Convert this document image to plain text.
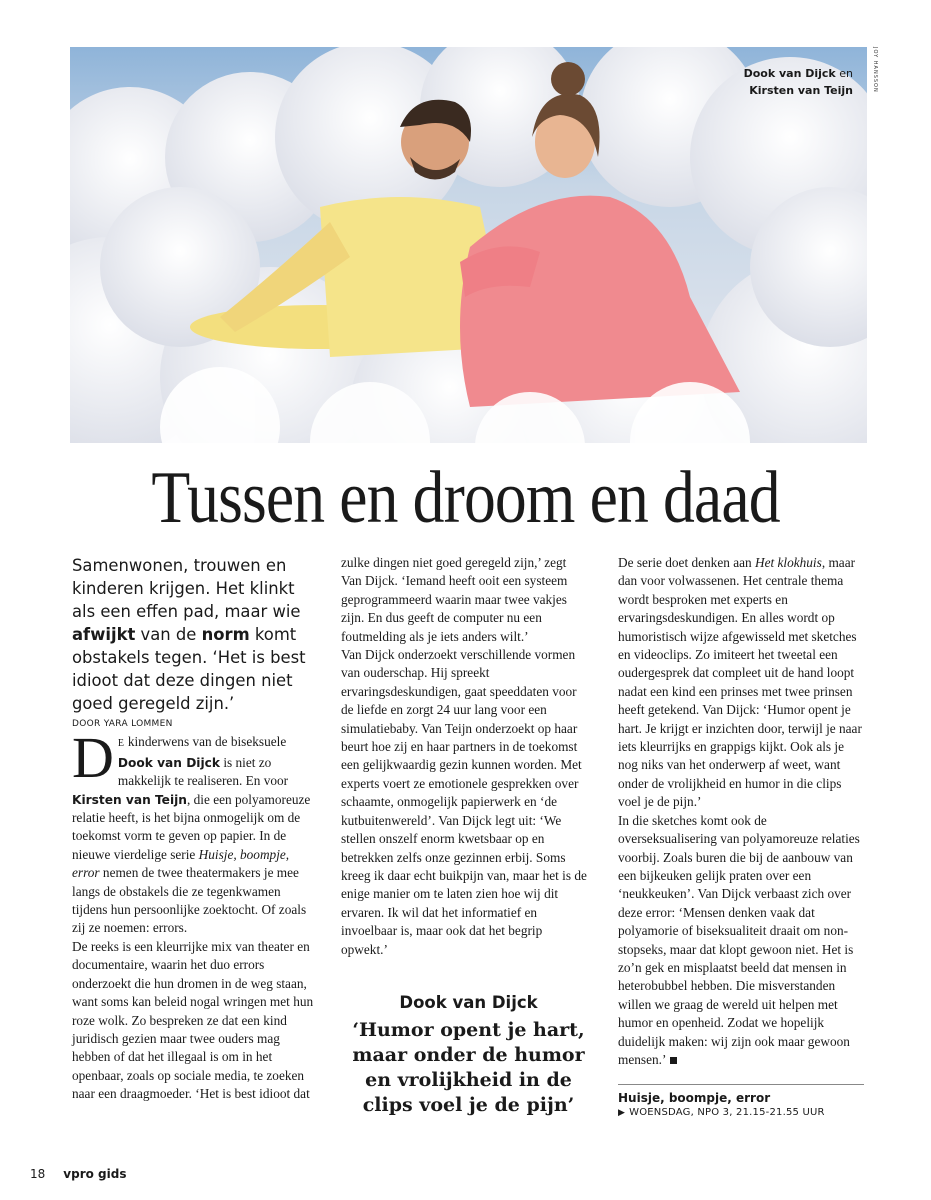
Dook van Dijck en
Kirsten van Teijn	JOY HANSSON
Tussen en droom en daad

Samenwonen, trouwen en kinderen krijgen. Het klinkt als een effen pad, maar wie afwijkt van de norm komt obstakels tegen. ‘Het is best idioot dat deze dingen niet goed geregeld zijn.’

DOOR YARA LOMMEN

DE kinderwens van de biseksuele Dook van Dijck is niet zo makkelijk te realiseren. En voor Kirsten van Teijn, die een polyamoreuze relatie heeft, is het bijna onmogelijk om de toekomst vorm te geven op papier. In de nieuwe vierdelige serie Huisje, boompje, error nemen de twee theatermakers je mee langs de obstakels die ze tegenkwamen tijdens hun persoonlijke zoektocht. Of zoals zij ze noemen: errors.

De reeks is een kleurrijke mix van theater en documentaire, waarin het duo errors onderzoekt die hun dromen in de weg staan, want soms kan beleid nogal wringen met hun roze wolk. Zo bespreken ze dat een kind juridisch gezien maar twee ouders mag hebben of dat het illegaal is om in het openbaar, zoals op sociale media, te zoeken naar een draagmoeder. ‘Het is best idioot dat

zulke dingen niet goed geregeld zijn,’ zegt Van Dijck. ‘Iemand heeft ooit een systeem geprogrammeerd waarin maar twee vakjes zijn. En dus geeft de computer nu een foutmelding als je iets anders wilt.’

Van Dijck onderzoekt verschillende vormen van ouderschap. Hij spreekt ervaringsdeskundigen, gaat speeddaten voor de liefde en zorgt 24 uur lang voor een simulatiebaby. Van Teijn onderzoekt op haar beurt hoe zij en haar partners in de toekomst een gelijkwaardig gezin kunnen worden. Met experts voert ze emotionele gesprekken over schaamte, onmogelijk papierwerk en ‘de kutbuitenwereld’. Van Dijck legt uit: ‘We stellen onszelf enorm kwetsbaar op en betrekken zelfs onze gezinnen erbij. Soms kreeg ik daar echt buikpijn van, maar het is de enige manier om te laten zien hoe wij dit ervaren. Ik wil dat het informatief en invoelbaar is, maar ook dat het begrip opwekt.’

Dook van Dijck

‘Humor opent je hart, maar onder de humor en vrolijkheid in de clips voel je de pijn’

De serie doet denken aan Het klokhuis, maar dan voor volwassenen. Het centrale thema wordt besproken met experts en ervaringsdeskundigen. En alles wordt op humoristisch wijze afgewisseld met sketches en videoclips. Zo imiteert het tweetal een oudergesprek dat compleet uit de hand loopt nadat een kind een prinses met twee prinsen heeft getekend. Van Dijck: ‘Humor opent je hart. Je krijgt er inzichten door, terwijl je naar iets kleurrijks en grappigs kijkt. Ook als je nog niks van het onderwerp af weet, want onder de vrolijkheid en humor in die clips voel je de pijn.’

In die sketches komt ook de overseksualisering van polyamoreuze relaties voorbij. Zoals buren die bij de aanbouw van een bijkeuken gelijk praten over een ‘neukkeuken’. Van Dijck verbaast zich over deze error: ‘Mensen denken vaak dat polyamorie of biseksualiteit draait om non-stopseks, maar dat klopt gewoon niet. Het is zo’n gek en misplaatst beeld dat mensen in heterobubbel hebben. Die misverstanden willen we graag de wereld uit helpen met humor en openheid. Zodat we hopelijk duidelijk maken: wij zijn ook maar gewoon mensen.’

Huisje, boompje, error

▶ WOENSDAG, NPO 3, 21.15-21.55 UUR

18 vpro gids
